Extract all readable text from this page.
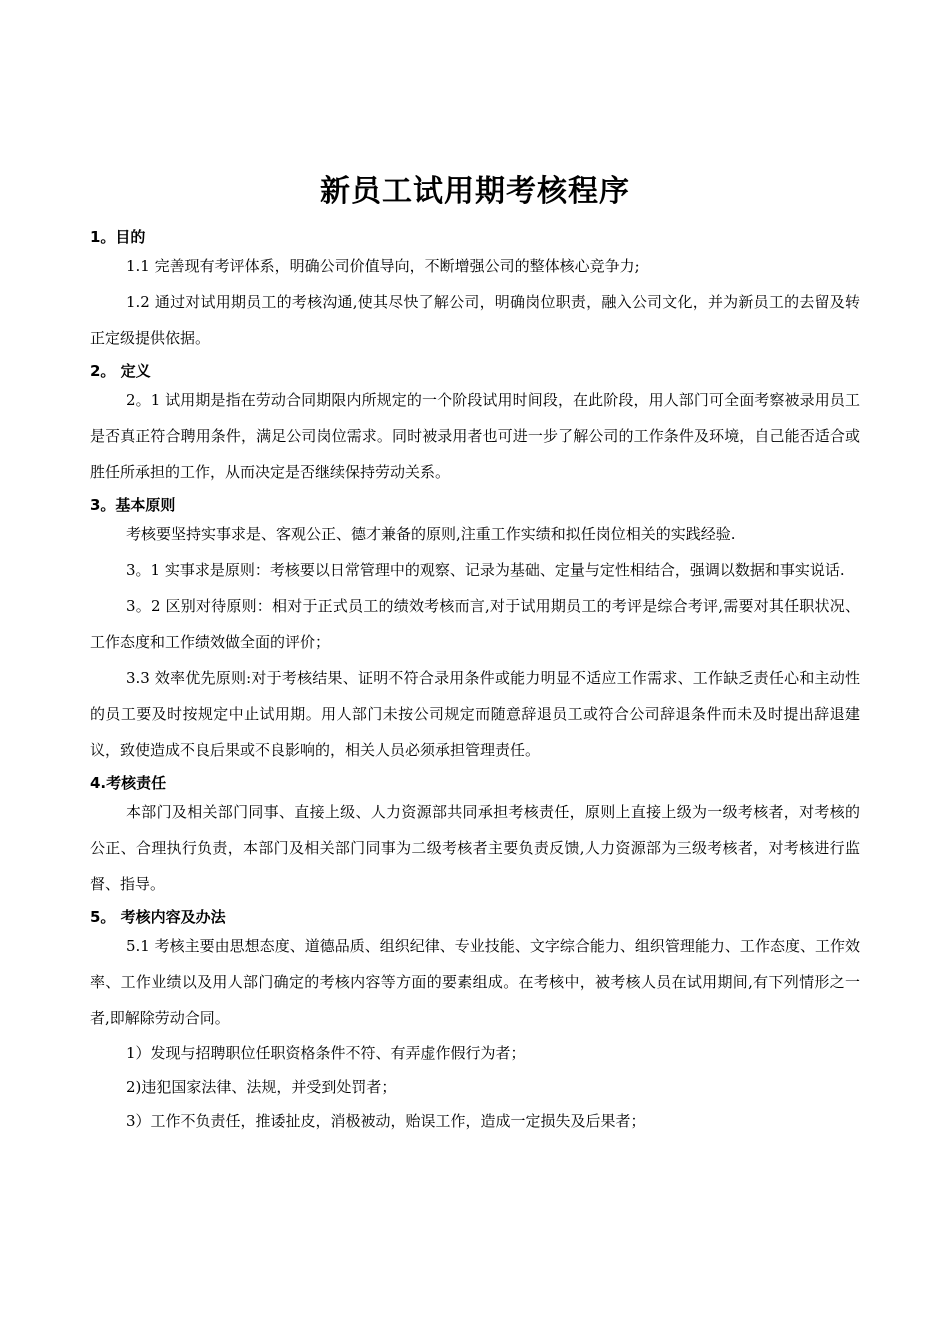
新员工试用期考核程序
1。目的

1.1 完善现有考评体系，明确公司价值导向，不断增强公司的整体核心竞争力;

1.2 通过对试用期员工的考核沟通,使其尽快了解公司，明确岗位职责，融入公司文化，并为新员工的去留及转正定级提供依据。

2。 定义

2。1 试用期是指在劳动合同期限内所规定的一个阶段试用时间段，在此阶段，用人部门可全面考察被录用员工是否真正符合聘用条件，满足公司岗位需求。同时被录用者也可进一步了解公司的工作条件及环境，自己能否适合或胜任所承担的工作，从而决定是否继续保持劳动关系。

3。基本原则

考核要坚持实事求是、客观公正、德才兼备的原则,注重工作实绩和拟任岗位相关的实践经验.

3。1 实事求是原则：考核要以日常管理中的观察、记录为基础、定量与定性相结合，强调以数据和事实说话.

3。2 区别对待原则：相对于正式员工的绩效考核而言,对于试用期员工的考评是综合考评,需要对其任职状况、工作态度和工作绩效做全面的评价；

3.3 效率优先原则:对于考核结果、证明不符合录用条件或能力明显不适应工作需求、工作缺乏责任心和主动性的员工要及时按规定中止试用期。用人部门未按公司规定而随意辞退员工或符合公司辞退条件而未及时提出辞退建议，致使造成不良后果或不良影响的，相关人员必须承担管理责任。

4.考核责任

本部门及相关部门同事、直接上级、人力资源部共同承担考核责任，原则上直接上级为一级考核者，对考核的公正、合理执行负责，本部门及相关部门同事为二级考核者主要负责反馈,人力资源部为三级考核者，对考核进行监督、指导。

5。 考核内容及办法

5.1 考核主要由思想态度、道德品质、组织纪律、专业技能、文字综合能力、组织管理能力、工作态度、工作效率、工作业绩以及用人部门确定的考核内容等方面的要素组成。在考核中，被考核人员在试用期间,有下列情形之一者,即解除劳动合同。

1）发现与招聘职位任职资格条件不符、有弄虚作假行为者；

2)违犯国家法律、法规，并受到处罚者；

3）工作不负责任，推诿扯皮，消极被动，贻误工作，造成一定损失及后果者；
